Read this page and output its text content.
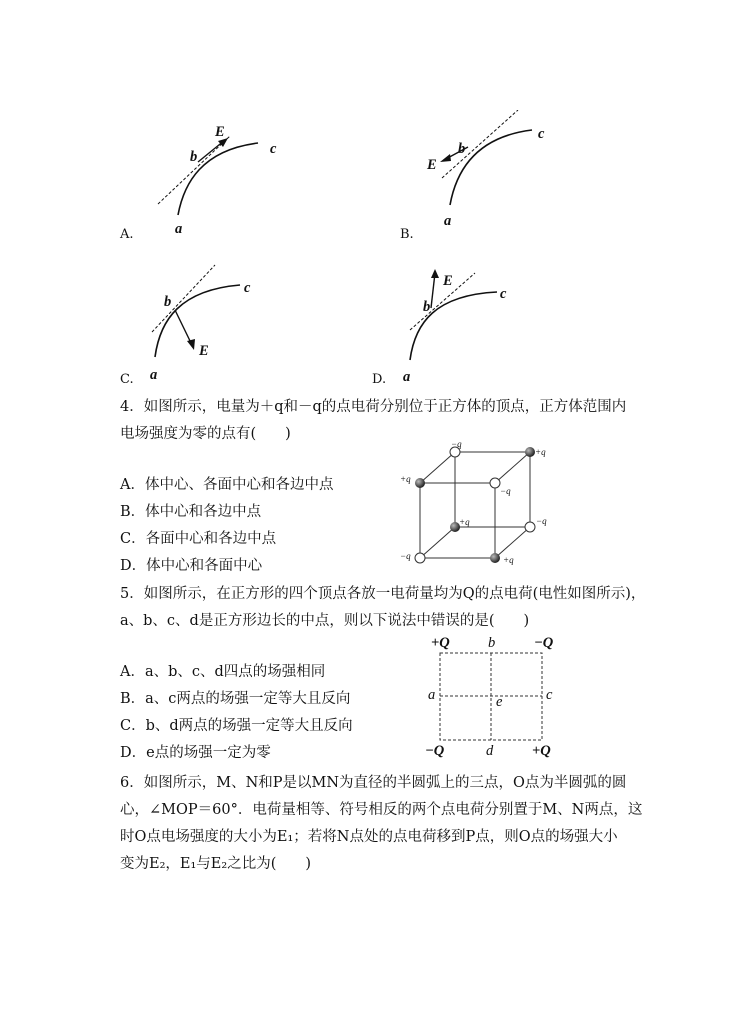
E
b	c
a
A.
b
E
c
a
B.
b
c
E
a
C.
E
b
c
a
D.
4．如图所示，电量为＋q和－q的点电荷分别位于正方体的顶点，正方体范围内
电场强度为零的点有(　　)
A．体中心、各面中心和各边中点
B．体中心和各边中点
C．各面中心和各边中点
D．体中心和各面中心
−q
+q
+q
−q
+q	−q
−q	+q
5．如图所示，在正方形的四个顶点各放一电荷量均为Q的点电荷(电性如图所示)，
a、b、c、d是正方形边长的中点，则以下说法中错误的是(　　)
A．a、b、c、d四点的场强相同
B．a、c两点的场强一定等大且反向
C．b、d两点的场强一定等大且反向
D．e点的场强一定为零
+Q	b	−Q
a	e	c
−Q	d	+Q
6．如图所示，M、N和P是以MN为直径的半圆弧上的三点，O点为半圆弧的圆
心，∠MOP＝60°．电荷量相等、符号相反的两个点电荷分别置于M、N两点，这
时O点电场强度的大小为E₁；若将N点处的点电荷移到P点，则O点的场强大小
变为E₂，E₁与E₂之比为(　　)
